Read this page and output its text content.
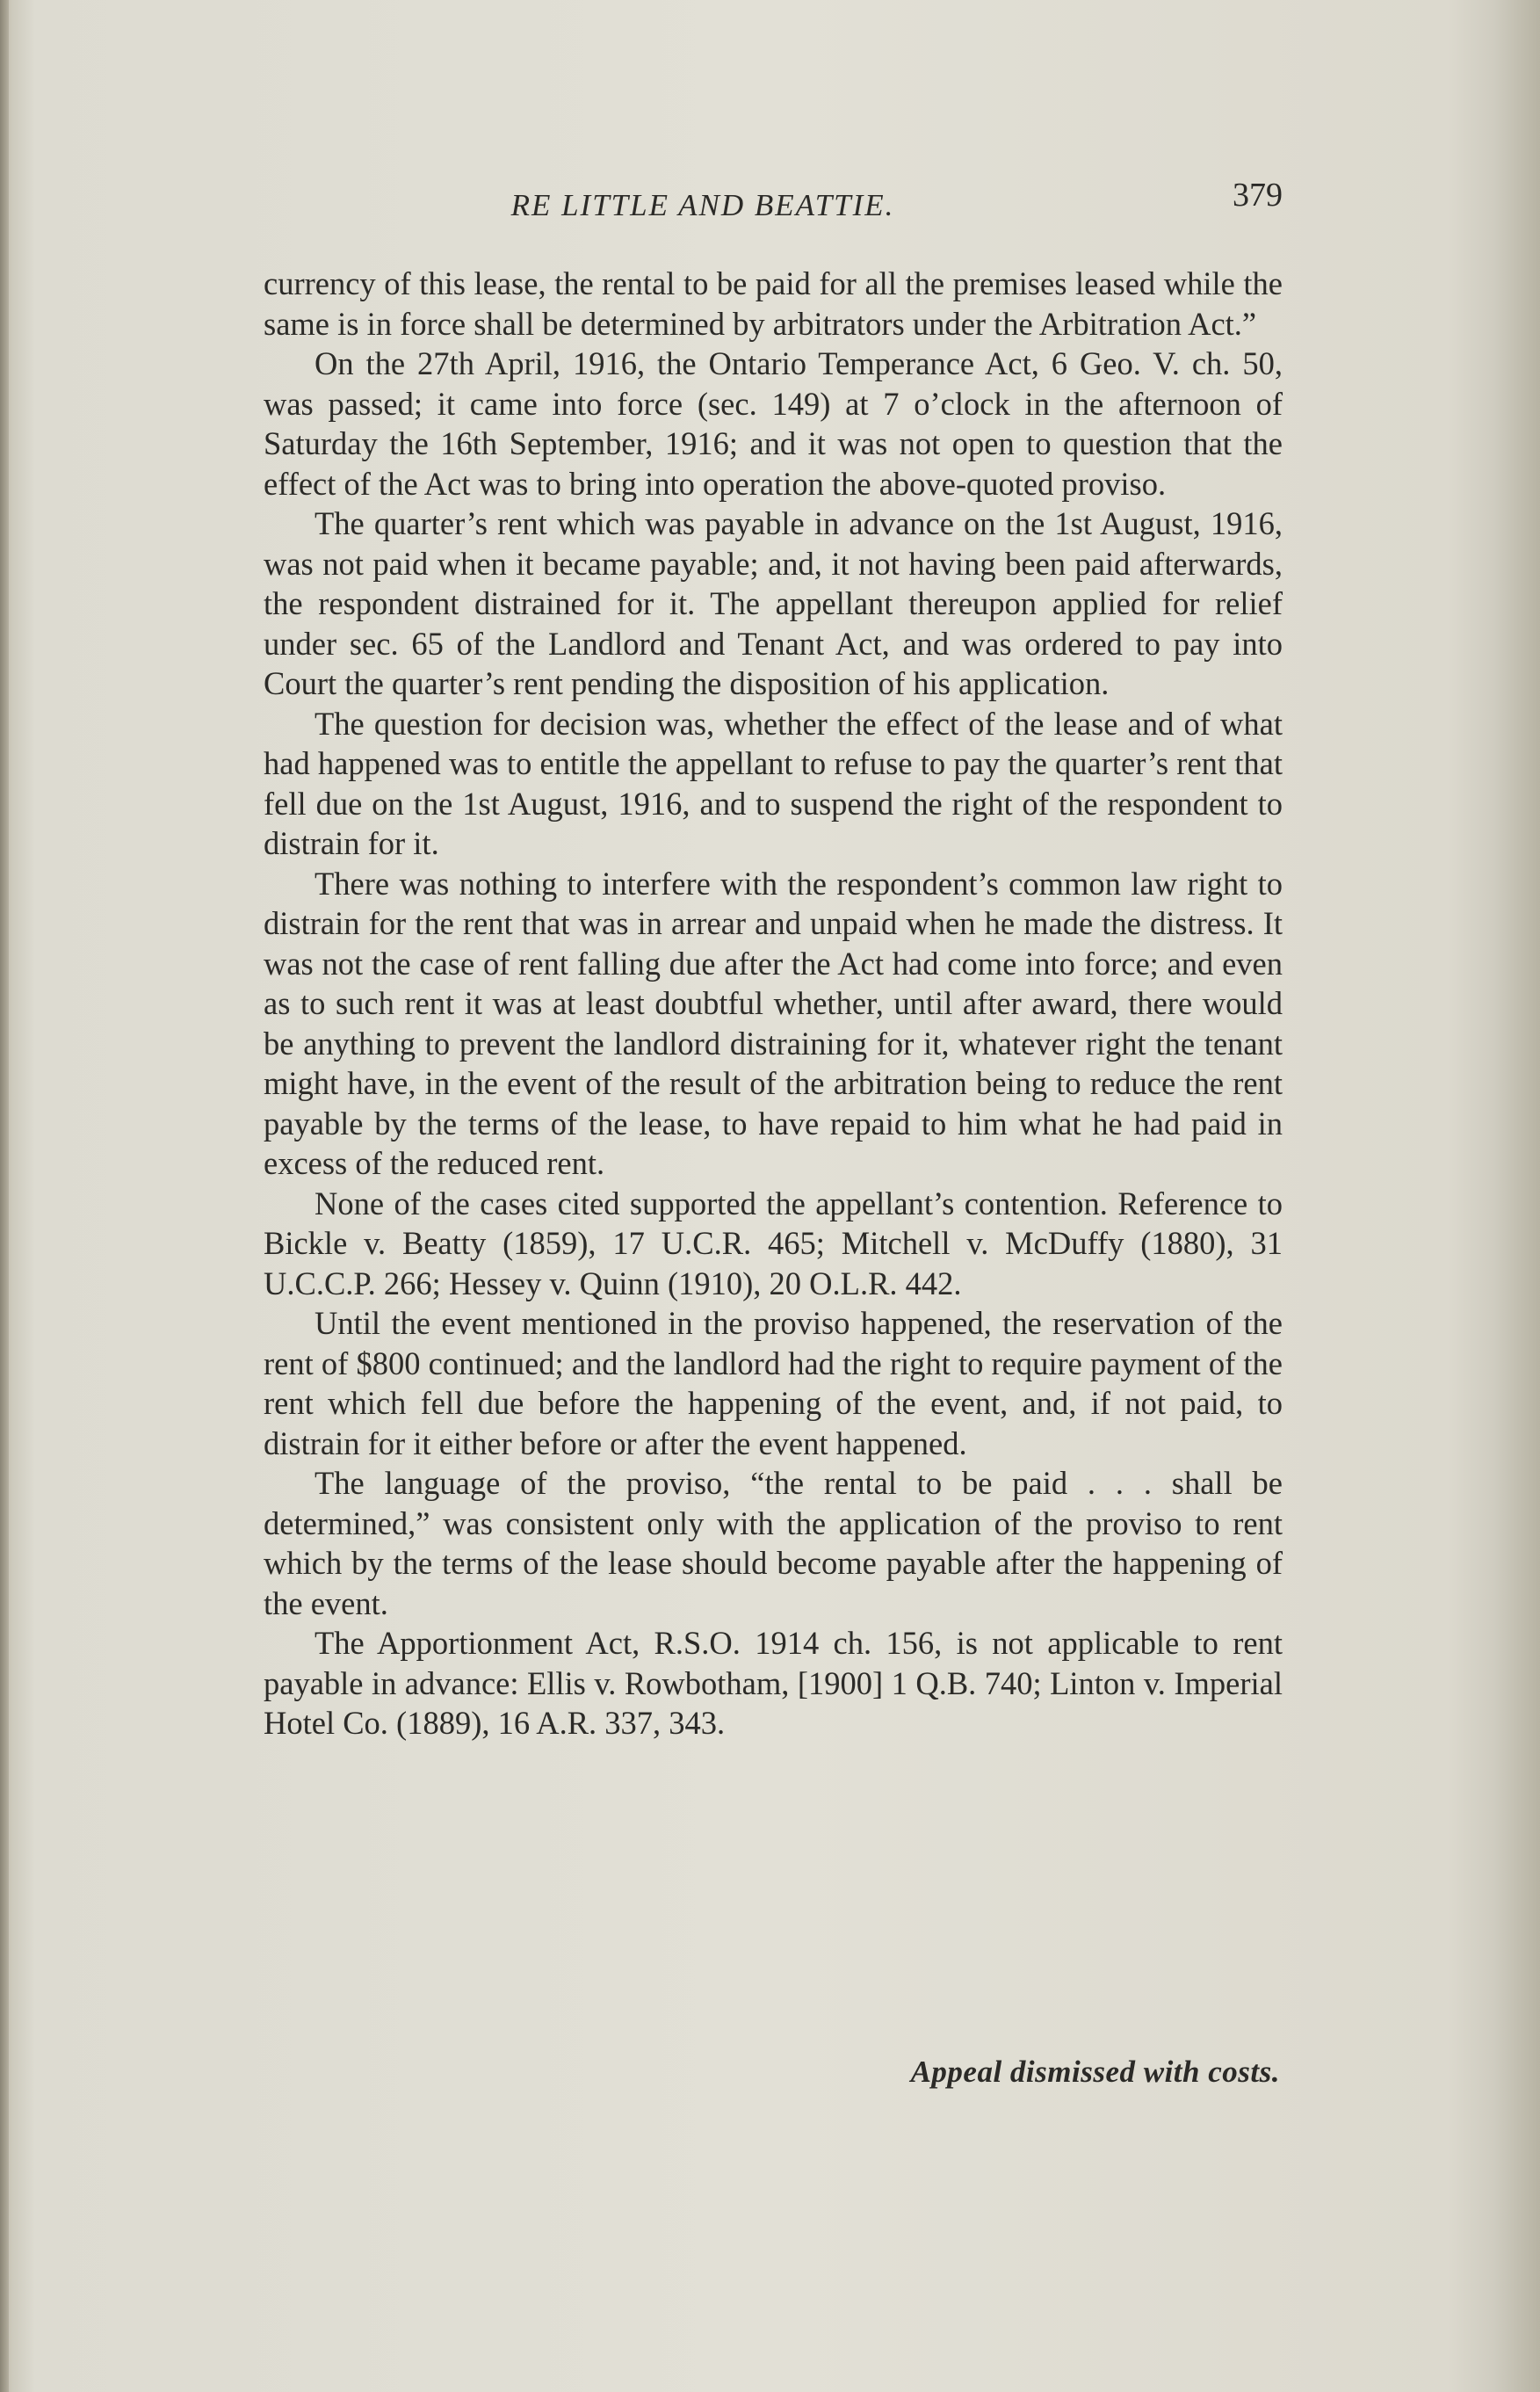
RE LITTLE AND BEATTIE.	379

currency of this lease, the rental to be paid for all the premises leased while the same is in force shall be determined by arbitrators under the Arbitration Act.”

On the 27th April, 1916, the Ontario Temperance Act, 6 Geo. V. ch. 50, was passed; it came into force (sec. 149) at 7 o’clock in the afternoon of Saturday the 16th September, 1916; and it was not open to question that the effect of the Act was to bring into operation the above-quoted proviso.

The quarter’s rent which was payable in advance on the 1st August, 1916, was not paid when it became payable; and, it not having been paid afterwards, the respondent distrained for it. The appellant thereupon applied for relief under sec. 65 of the Landlord and Tenant Act, and was ordered to pay into Court the quarter’s rent pending the disposition of his application.

The question for decision was, whether the effect of the lease and of what had happened was to entitle the appellant to refuse to pay the quarter’s rent that fell due on the 1st August, 1916, and to suspend the right of the respondent to distrain for it.

There was nothing to interfere with the respondent’s common law right to distrain for the rent that was in arrear and unpaid when he made the distress. It was not the case of rent falling due after the Act had come into force; and even as to such rent it was at least doubtful whether, until after award, there would be anything to prevent the landlord distraining for it, whatever right the tenant might have, in the event of the result of the arbitration being to reduce the rent payable by the terms of the lease, to have repaid to him what he had paid in excess of the reduced rent.

None of the cases cited supported the appellant’s contention. Reference to Bickle v. Beatty (1859), 17 U.C.R. 465; Mitchell v. McDuffy (1880), 31 U.C.C.P. 266; Hessey v. Quinn (1910), 20 O.L.R. 442.

Until the event mentioned in the proviso happened, the reservation of the rent of $800 continued; and the landlord had the right to require payment of the rent which fell due before the happening of the event, and, if not paid, to distrain for it either before or after the event happened.

The language of the proviso, “the rental to be paid . . . shall be determined,” was consistent only with the application of the proviso to rent which by the terms of the lease should become payable after the happening of the event.

The Apportionment Act, R.S.O. 1914 ch. 156, is not applicable to rent payable in advance: Ellis v. Rowbotham, [1900] 1 Q.B. 740; Linton v. Imperial Hotel Co. (1889), 16 A.R. 337, 343.

Appeal dismissed with costs.
